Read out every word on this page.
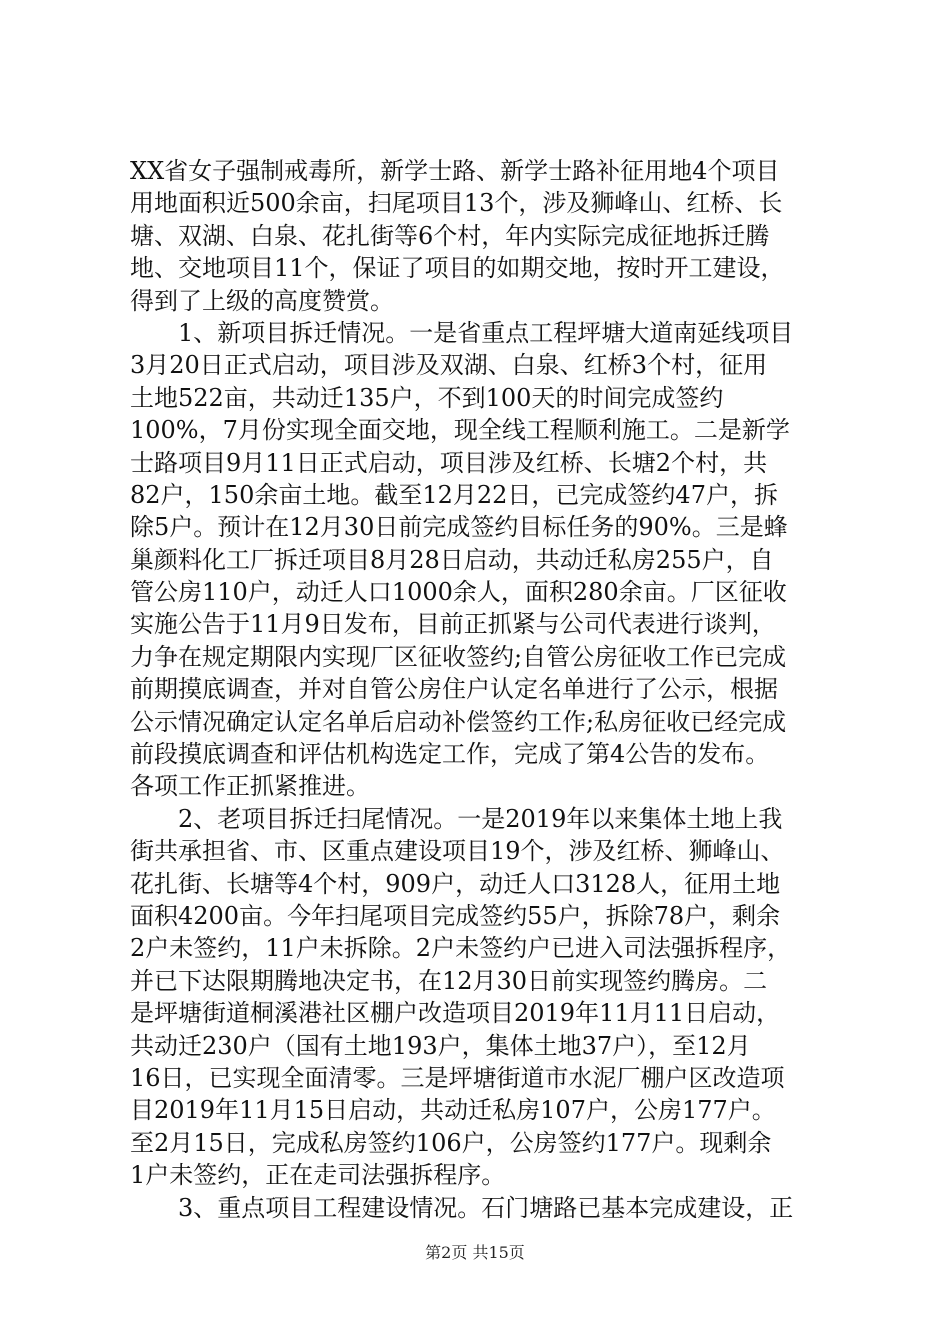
XX省女子强制戒毒所，新学士路、新学士路补征用地4个项目
用地面积近500余亩，扫尾项目13个，涉及狮峰山、红桥、长
塘、双湖、白泉、花扎街等6个村，年内实际完成征地拆迁腾
地、交地项目11个，保证了项目的如期交地，按时开工建设，
得到了上级的高度赞赏。
　　1、新项目拆迁情况。一是省重点工程坪塘大道南延线项目
3月20日正式启动，项目涉及双湖、白泉、红桥3个村，征用
土地522亩，共动迁135户，不到100天的时间完成签约
100%，7月份实现全面交地，现全线工程顺利施工。二是新学
士路项目9月11日正式启动，项目涉及红桥、长塘2个村，共
82户，150余亩土地。截至12月22日，已完成签约47户，拆
除5户。预计在12月30日前完成签约目标任务的90%。三是蜂
巢颜料化工厂拆迁项目8月28日启动，共动迁私房255户，自
管公房110户，动迁人口1000余人，面积280余亩。厂区征收
实施公告于11月9日发布，目前正抓紧与公司代表进行谈判，
力争在规定期限内实现厂区征收签约;自管公房征收工作已完成
前期摸底调查，并对自管公房住户认定名单进行了公示，根据
公示情况确定认定名单后启动补偿签约工作;私房征收已经完成
前段摸底调查和评估机构选定工作，完成了第4公告的发布。
各项工作正抓紧推进。
　　2、老项目拆迁扫尾情况。一是2019年以来集体土地上我
街共承担省、市、区重点建设项目19个，涉及红桥、狮峰山、
花扎街、长塘等4个村，909户，动迁人口3128人，征用土地
面积4200亩。今年扫尾项目完成签约55户，拆除78户，剩余
2户未签约，11户未拆除。2户未签约户已进入司法强拆程序，
并已下达限期腾地决定书，在12月30日前实现签约腾房。二
是坪塘街道桐溪港社区棚户改造项目2019年11月11日启动，
共动迁230户（国有土地193户，集体土地37户），至12月
16日，已实现全面清零。三是坪塘街道市水泥厂棚户区改造项
目2019年11月15日启动，共动迁私房107户，公房177户。
至2月15日，完成私房签约106户，公房签约177户。现剩余
1户未签约，正在走司法强拆程序。
　　3、重点项目工程建设情况。石门塘路已基本完成建设，正
第2页 共15页
